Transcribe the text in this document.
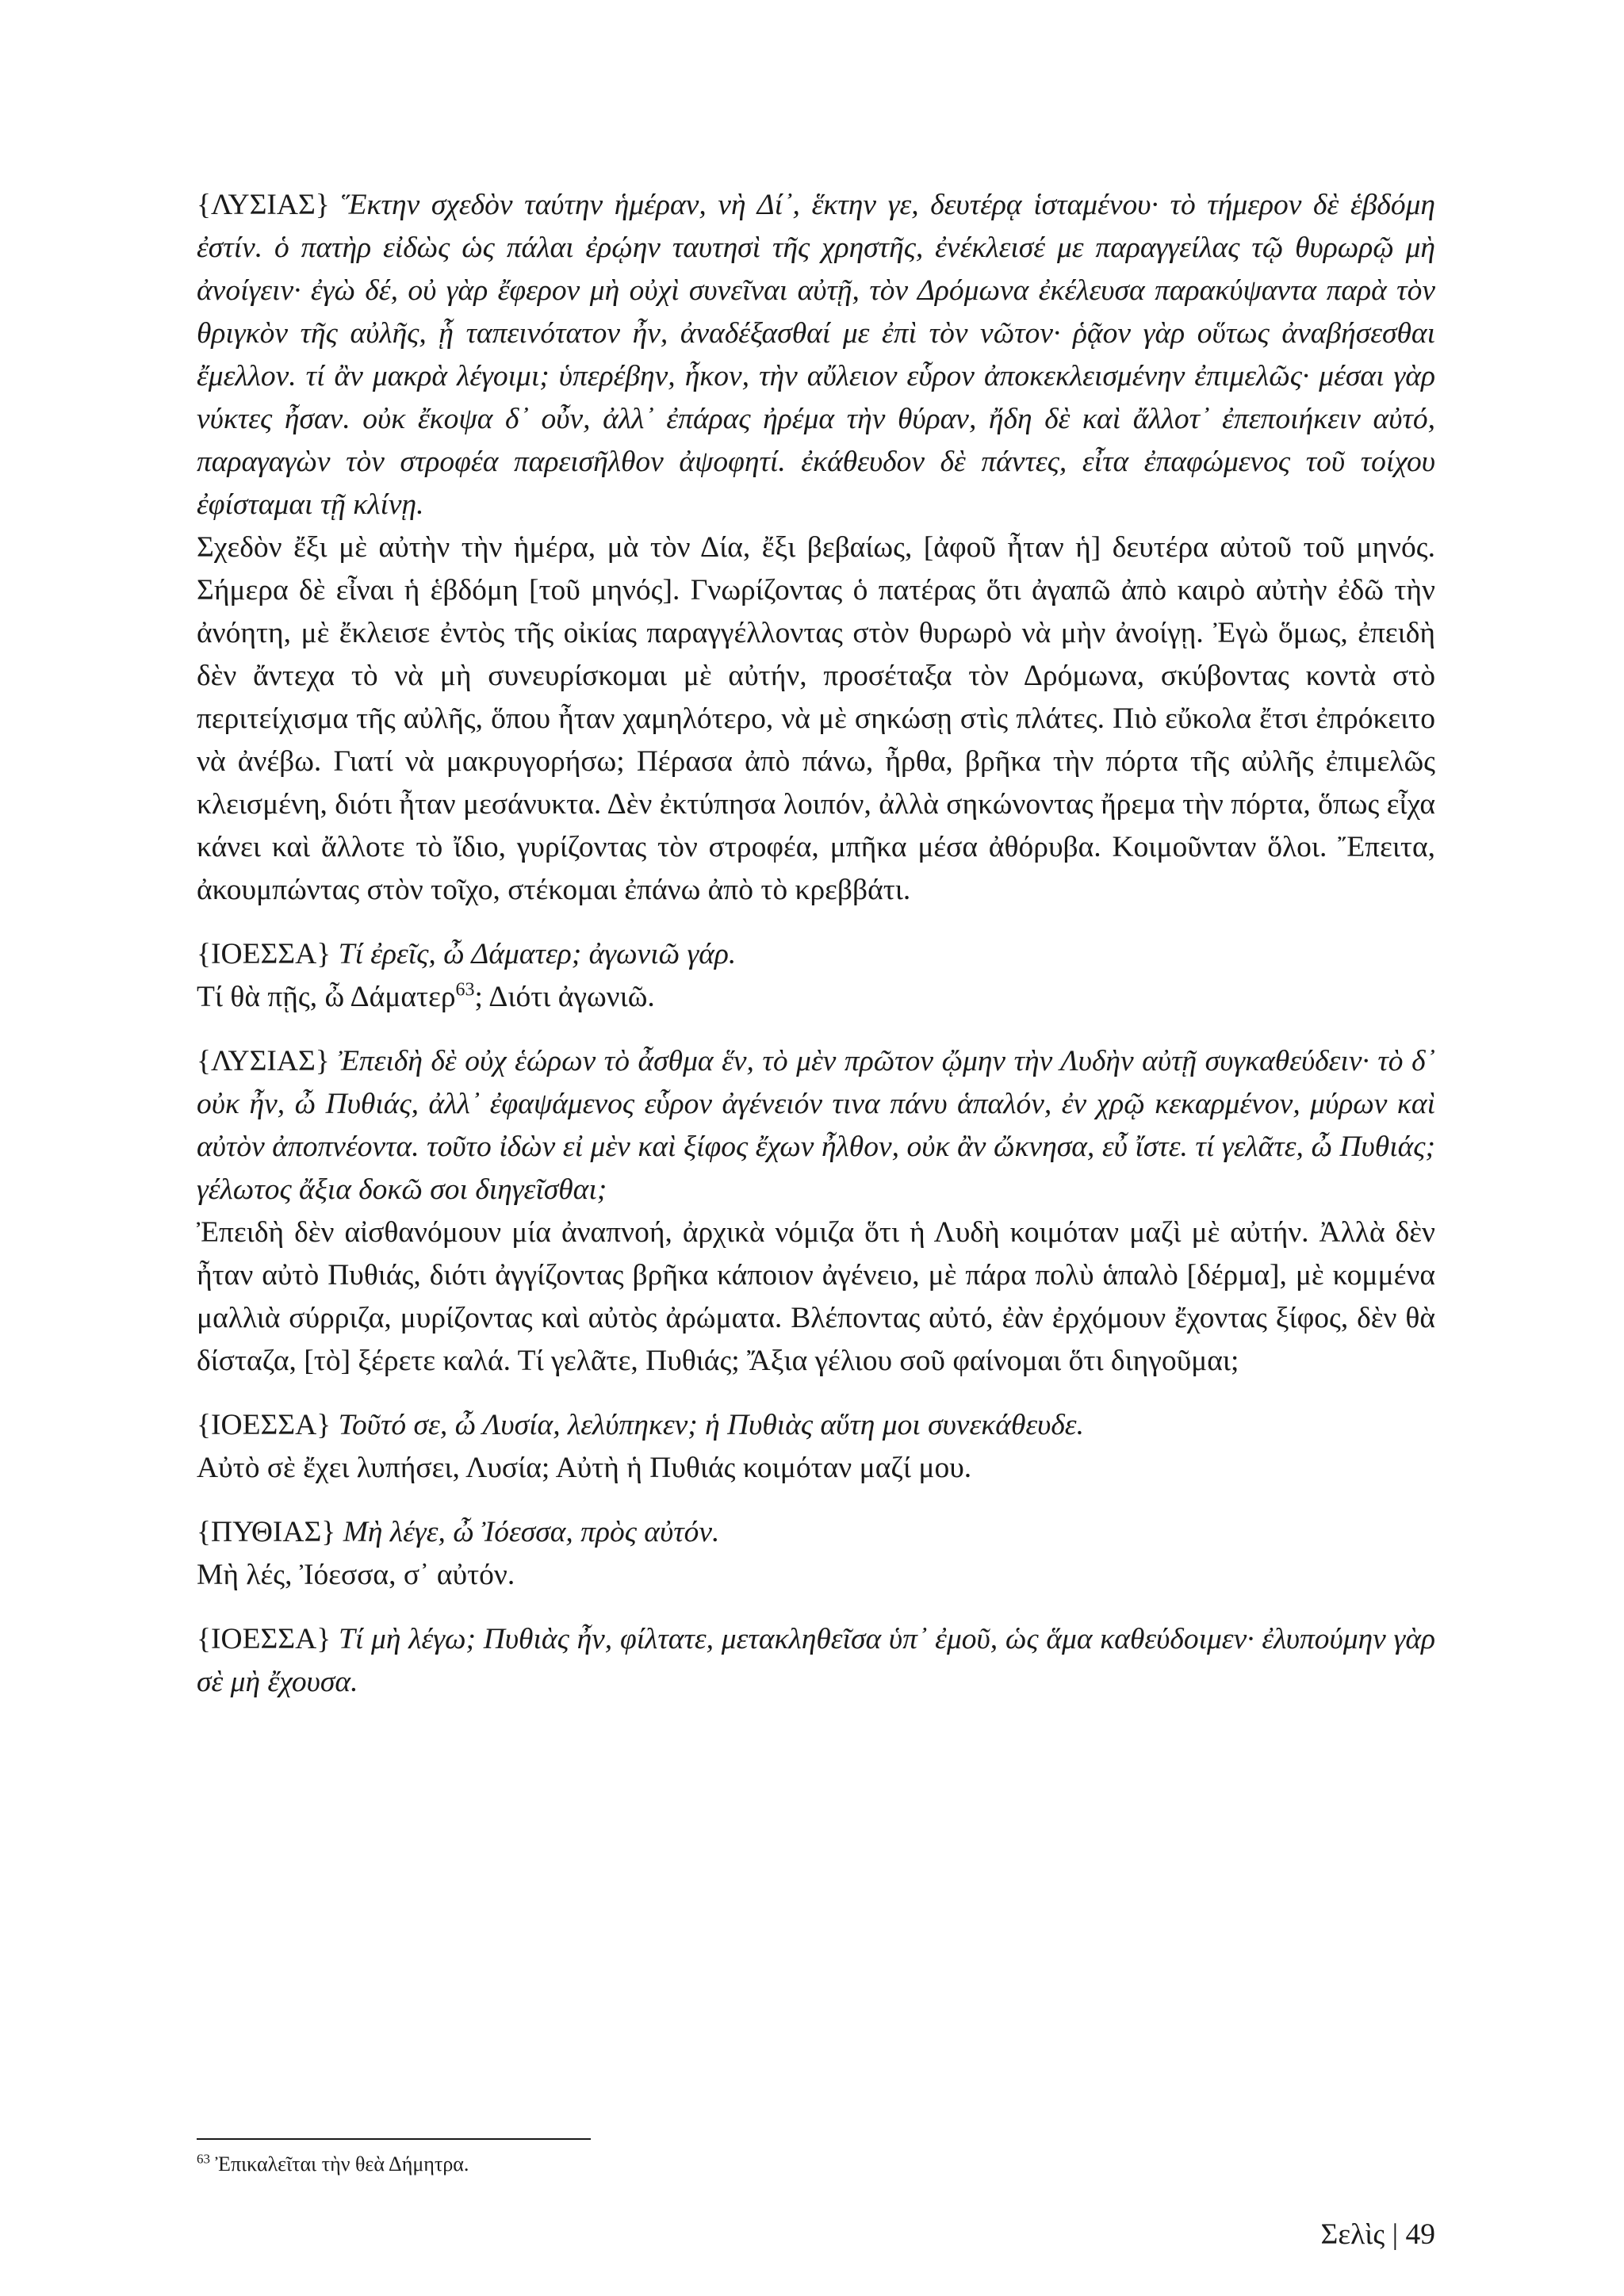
{ΛΥΣΙΑΣ} Ἕκτην σχεδὸν ταύτην ἡμέραν, νὴ Δί᾽, ἕκτην γε, δευτέρᾳ ἱσταμένου· τὸ τήμερον δὲ ἑβδόμη ἐστίν. ὁ πατὴρ εἰδὼς ὡς πάλαι ἐρῴην ταυτησὶ τῆς χρηστῆς, ἐνέκλεισέ με παραγγείλας τῷ θυρωρῷ μὴ ἀνοίγειν· ἐγὼ δέ, οὐ γὰρ ἔφερον μὴ οὐχὶ συνεῖναι αὐτῇ, τὸν Δρόμωνα ἐκέλευσα παρακύψαντα παρὰ τὸν θριγκὸν τῆς αὐλῆς, ᾗ ταπεινότατον ἦν, ἀναδέξασθαί με ἐπὶ τὸν νῶτον· ῥᾷον γὰρ οὕτως ἀναβήσεσθαι ἔμελλον. τί ἂν μακρὰ λέγοιμι; ὑπερέβην, ἧκον, τὴν αὔλειον εὗρον ἀποκεκλεισμένην ἐπιμελῶς· μέσαι γὰρ νύκτες ἦσαν. οὐκ ἔκοψα δ᾽ οὖν, ἀλλ᾽ ἐπάρας ἠρέμα τὴν θύραν, ἤδη δὲ καὶ ἄλλοτ᾽ ἐπεποιήκειν αὐτό, παραγαγὼν τὸν στροφέα παρεισῆλθον ἀψοφητί. ἐκάθευδον δὲ πάντες, εἶτα ἐπαφώμενος τοῦ τοίχου ἐφίσταμαι τῇ κλίνῃ.

Σχεδὸν ἔξι μὲ αὐτὴν τὴν ἡμέρα, μὰ τὸν Δία, ἔξι βεβαίως, [ἀφοῦ ἦταν ἡ] δευτέρα αὐτοῦ τοῦ μηνός. Σήμερα δὲ εἶναι ἡ ἑβδόμη [τοῦ μηνός]. Γνωρίζοντας ὁ πατέρας ὅτι ἀγαπῶ ἀπὸ καιρὸ αὐτὴν ἐδῶ τὴν ἀνόητη, μὲ ἔκλεισε ἐντὸς τῆς οἰκίας παραγγέλλοντας στὸν θυρωρὸ νὰ μὴν ἀνοίγῃ. Ἐγὼ ὅμως, ἐπειδὴ δὲν ἄντεχα τὸ νὰ μὴ συνευρίσκομαι μὲ αὐτήν, προσέταξα τὸν Δρόμωνα, σκύβοντας κοντὰ στὸ περιτείχισμα τῆς αὐλῆς, ὅπου ἦταν χαμηλότερο, νὰ μὲ σηκώσῃ στὶς πλάτες. Πιὸ εὔκολα ἔτσι ἐπρόκειτο νὰ ἀνέβω. Γιατί νὰ μακρυγορήσω; Πέρασα ἀπὸ πάνω, ἦρθα, βρῆκα τὴν πόρτα τῆς αὐλῆς ἐπιμελῶς κλεισμένη, διότι ἦταν μεσάνυκτα. Δὲν ἐκτύπησα λοιπόν, ἀλλὰ σηκώνοντας ἤρεμα τὴν πόρτα, ὅπως εἶχα κάνει καὶ ἄλλοτε τὸ ἴδιο, γυρίζοντας τὸν στροφέα, μπῆκα μέσα ἀθόρυβα. Κοιμοῦνταν ὅλοι. Ἔπειτα, ἀκουμπώντας στὸν τοῖχο, στέκομαι ἐπάνω ἀπὸ τὸ κρεββάτι.

{ΙΟΕΣΣΑ} Τί ἐρεῖς, ὦ Δάματερ; ἀγωνιῶ γάρ.

Τί θὰ πῇς, ὦ Δάματερ$^{63}$; Διότι ἀγωνιῶ.

{ΛΥΣΙΑΣ} Ἐπειδὴ δὲ οὐχ ἑώρων τὸ ἆσθμα ἕν, τὸ μὲν πρῶτον ᾤμην τὴν Λυδὴν αὐτῇ συγκαθεύδειν· τὸ δ᾽ οὐκ ἦν, ὦ Πυθιάς, ἀλλ᾽ ἐφαψάμενος εὗρον ἀγένειόν τινα πάνυ ἁπαλόν, ἐν χρῷ κεκαρμένον, μύρων καὶ αὐτὸν ἀποπνέοντα. τοῦτο ἰδὼν εἰ μὲν καὶ ξίφος ἔχων ἦλθον, οὐκ ἂν ὤκνησα, εὖ ἴστε. τί γελᾶτε, ὦ Πυθιάς; γέλωτος ἄξια δοκῶ σοι διηγεῖσθαι;

Ἐπειδὴ δὲν αἰσθανόμουν μία ἀναπνοή, ἀρχικὰ νόμιζα ὅτι ἡ Λυδὴ κοιμόταν μαζὶ μὲ αὐτήν. Ἀλλὰ δὲν ἦταν αὐτὸ Πυθιάς, διότι ἀγγίζοντας βρῆκα κάποιον ἀγένειο, μὲ πάρα πολὺ ἁπαλὸ [δέρμα], μὲ κομμένα μαλλιὰ σύρριζα, μυρίζοντας καὶ αὐτὸς ἀρώματα. Βλέποντας αὐτό, ἐὰν ἐρχόμουν ἔχοντας ξίφος, δὲν θὰ δίσταζα, [τὸ] ξέρετε καλά. Τί γελᾶτε, Πυθιάς; Ἄξια γέλιου σοῦ φαίνομαι ὅτι διηγοῦμαι;

{ΙΟΕΣΣΑ} Τοῦτό σε, ὦ Λυσία, λελύπηκεν; ἡ Πυθιὰς αὕτη μοι συνεκάθευδε.

Αὐτὸ σὲ ἔχει λυπήσει, Λυσία; Αὐτὴ ἡ Πυθιάς κοιμόταν μαζί μου.

{ΠΥΘΙΑΣ} Μὴ λέγε, ὦ Ἰόεσσα, πρὸς αὐτόν.

Μὴ λές, Ἰόεσσα, σ᾽ αὐτόν.

{ΙΟΕΣΣΑ} Τί μὴ λέγω; Πυθιὰς ἦν, φίλτατε, μετακληθεῖσα ὑπ᾽ ἐμοῦ, ὡς ἅμα καθεύδοιμεν· ἐλυπούμην γὰρ σὲ μὴ ἔχουσα.

$^{63}$ Ἐπικαλεῖται τὴν θεὰ Δήμητρα.
Σελὶς | 49
